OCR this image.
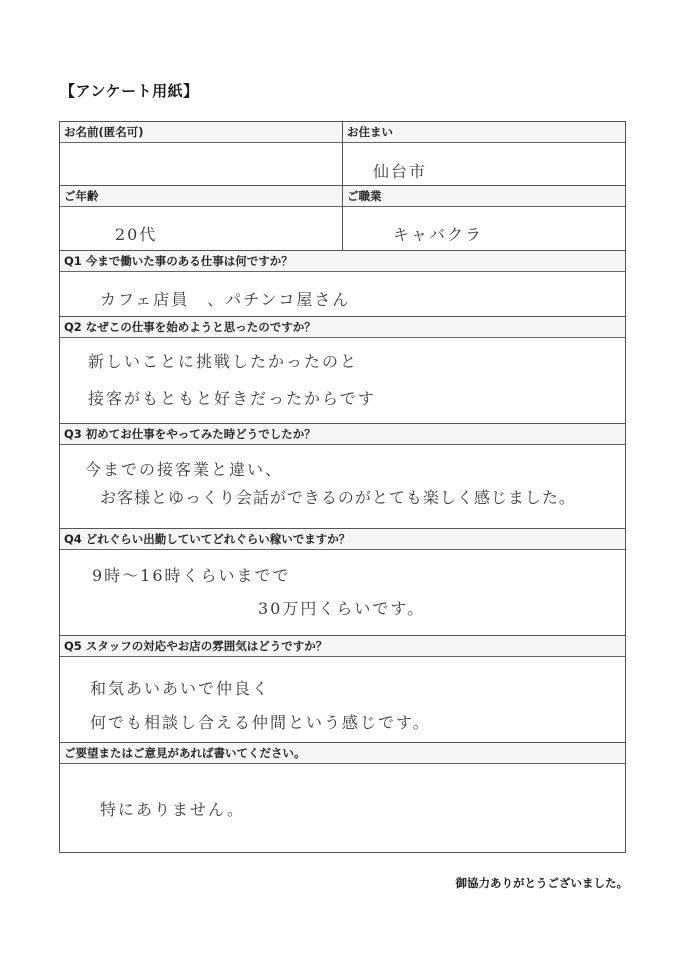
【アンケート用紙】
お名前(匿名可)	お住まい
仙台市
ご年齢
20代
ご職業
キャバクラ
Q1 今まで働いた事のある仕事は何ですか？
カフェ店員　、パチンコ屋さん
Q2 なぜこの仕事を始めようと思ったのですか？
新しいことに挑戦したかったのと
接客がもともと好きだったからです
Q3 初めてお仕事をやってみた時どうでしたか？
今までの接客業と違い、
お客様とゆっくり会話ができるのがとても楽しく感じました。
Q4 どれぐらい出勤していてどれぐらい稼いでますか？
9時〜16時くらいまでで
30万円くらいです。
Q5 スタッフの対応やお店の雰囲気はどうですか？
和気あいあいで仲良く
何でも相談し合える仲間という感じです。
ご要望またはご意見があれば書いてください。
特にありません。
御協力ありがとうございました。
